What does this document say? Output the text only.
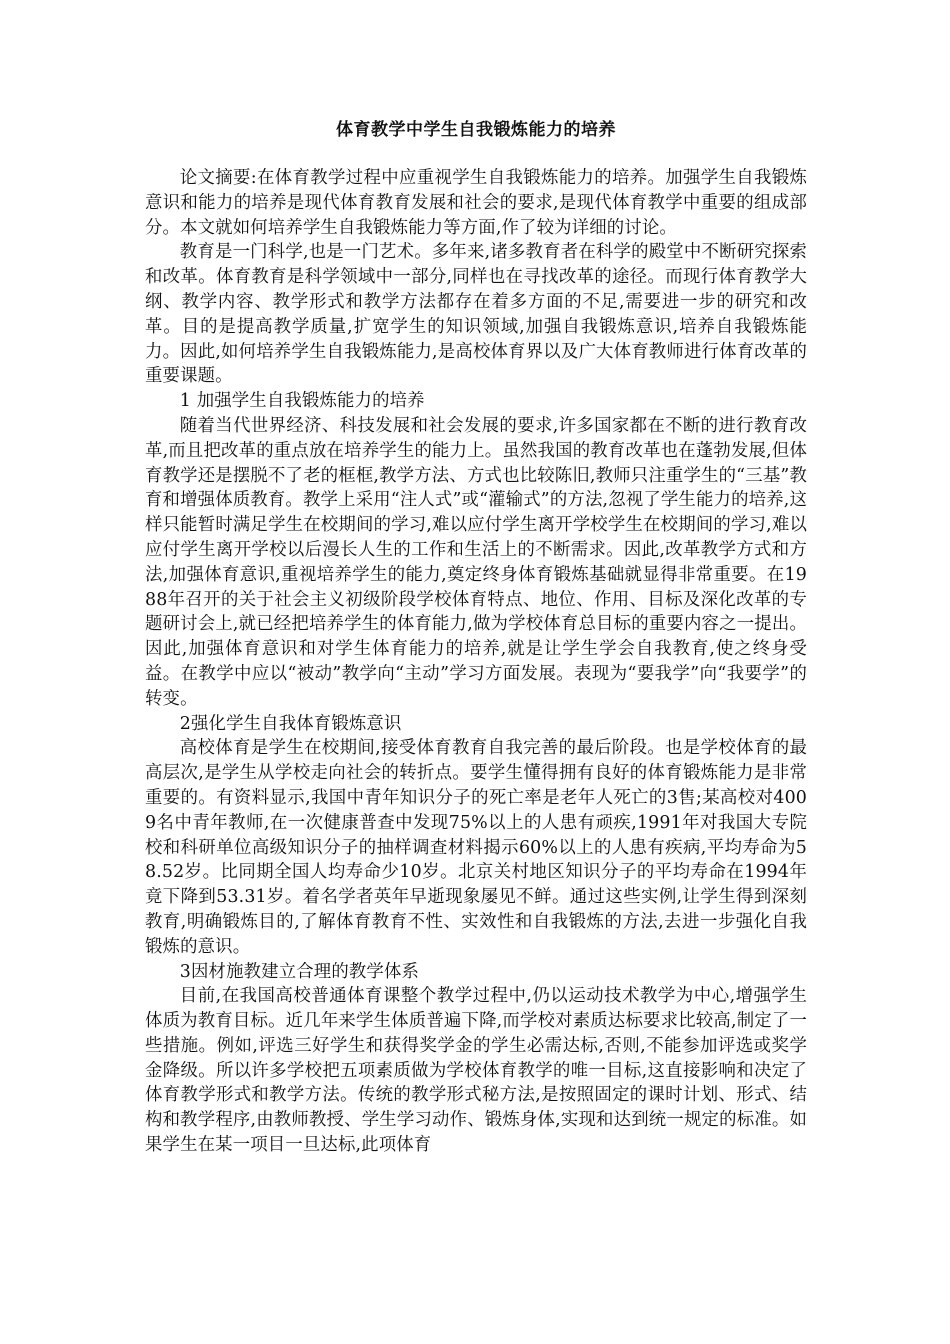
体育教学中学生自我锻炼能力的培养

论文摘要:在体育教学过程中应重视学生自我锻炼能力的培养。加强学生自我锻炼意识和能力的培养是现代体育教育发展和社会的要求,是现代体育教学中重要的组成部分。本文就如何培养学生自我锻炼能力等方面,作了较为详细的讨论。

教育是一门科学,也是一门艺术。多年来,诸多教育者在科学的殿堂中不断研究探索和改革。体育教育是科学领域中一部分,同样也在寻找改革的途径。而现行体育教学大纲、教学内容、教学形式和教学方法都存在着多方面的不足,需要进一步的研究和改革。目的是提高教学质量,扩宽学生的知识领域,加强自我锻炼意识,培养自我锻炼能力。因此,如何培养学生自我锻炼能力,是高校体育界以及广大体育教师进行体育改革的重要课题。

1 加强学生自我锻炼能力的培养

随着当代世界经济、科技发展和社会发展的要求,许多国家都在不断的进行教育改革,而且把改革的重点放在培养学生的能力上。虽然我国的教育改革也在蓬勃发展,但体育教学还是摆脱不了老的框框,教学方法、方式也比较陈旧,教师只注重学生的“三基”教育和增强体质教育。教学上采用“注人式”或“灌输式”的方法,忽视了学生能力的培养,这样只能暂时满足学生在校期间的学习,难以应付学生离开学校学生在校期间的学习,难以应付学生离开学校以后漫长人生的工作和生活上的不断需求。因此,改革教学方式和方法,加强体育意识,重视培养学生的能力,奠定终身体育锻炼基础就显得非常重要。在1988年召开的关于社会主义初级阶段学校体育特点、地位、作用、目标及深化改革的专题研讨会上,就已经把培养学生的体育能力,做为学校体育总目标的重要内容之一提出。因此,加强体育意识和对学生体育能力的培养,就是让学生学会自我教育,使之终身受益。在教学中应以“被动”教学向“主动”学习方面发展。表现为“要我学”向“我要学”的转变。

2强化学生自我体育锻炼意识

高校体育是学生在校期间,接受体育教育自我完善的最后阶段。也是学校体育的最高层次,是学生从学校走向社会的转折点。要学生懂得拥有良好的体育锻炼能力是非常重要的。有资料显示,我国中青年知识分子的死亡率是老年人死亡的3售;某高校对4009名中青年教师,在一次健康普查中发现75%以上的人患有顽疾,1991年对我国大专院校和科研单位高级知识分子的抽样调查材料揭示60%以上的人患有疾病,平均寿命为58.52岁。比同期全国人均寿命少10岁。北京关村地区知识分子的平均寿命在1994年竟下降到53.31岁。着名学者英年早逝现象屡见不鲜。通过这些实例,让学生得到深刻教育,明确锻炼目的,了解体育教育不性、实效性和自我锻炼的方法,去进一步强化自我锻炼的意识。

3因材施教建立合理的教学体系

目前,在我国高校普通体育课整个教学过程中,仍以运动技术教学为中心,增强学生体质为教育目标。近几年来学生体质普遍下降,而学校对素质达标要求比较高,制定了一些措施。例如,评选三好学生和获得奖学金的学生必需达标,否则,不能参加评选或奖学金降级。所以许多学校把五项素质做为学校体育教学的唯一目标,这直接影响和决定了体育教学形式和教学方法。传统的教学形式秘方法,是按照固定的课时计划、形式、结构和教学程序,由教师教授、学生学习动作、锻炼身体,实现和达到统一规定的标准。如果学生在某一项目一旦达标,此项体育
